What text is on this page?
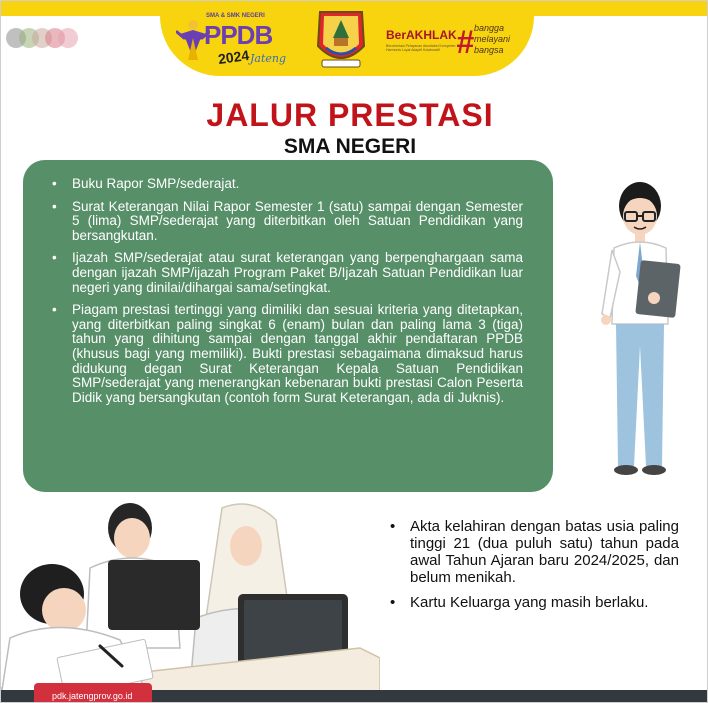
SMA & SMK NEGERI
PPDB
2024 Jateng
BerAKHLAK
Berorientasi Pelayanan Akuntabel Kompeten Harmonis Loyal Adaptif Kolaboratif # bangga
melayani
bangsa
JALUR PRESTASI
SMA NEGERI
• Buku Rapor SMP/sederajat.
• Surat Keterangan Nilai Rapor Semester 1 (satu) sampai dengan Semester 5 (lima) SMP/sederajat yang diterbitkan oleh Satuan Pendidikan yang bersangkutan.
• Ijazah SMP/sederajat atau surat keterangan yang berpenghargaan sama dengan ijazah SMP/ijazah Program Paket B/Ijazah Satuan Pendidikan luar negeri yang dinilai/dihargai sama/setingkat.
• Piagam prestasi tertinggi yang dimiliki dan sesuai kriteria yang ditetapkan, yang diterbitkan paling singkat 6 (enam) bulan dan paling lama 3 (tiga) tahun yang dihitung sampai dengan tanggal akhir pendaftaran PPDB (khusus bagi yang memiliki). Bukti prestasi sebagaimana dimaksud harus didukung degan Surat Keterangan Kepala Satuan Pendidikan SMP/sederajat yang menerangkan kebenaran bukti prestasi Calon Peserta Didik yang bersangkutan (contoh form Surat Keterangan, ada di Juknis).
• Akta kelahiran dengan batas usia paling tinggi 21 (dua puluh satu) tahun pada awal Tahun Ajaran baru 2024/2025, dan belum menikah.
• Kartu Keluarga yang masih berlaku.
pdk.jatengprov.go.id
